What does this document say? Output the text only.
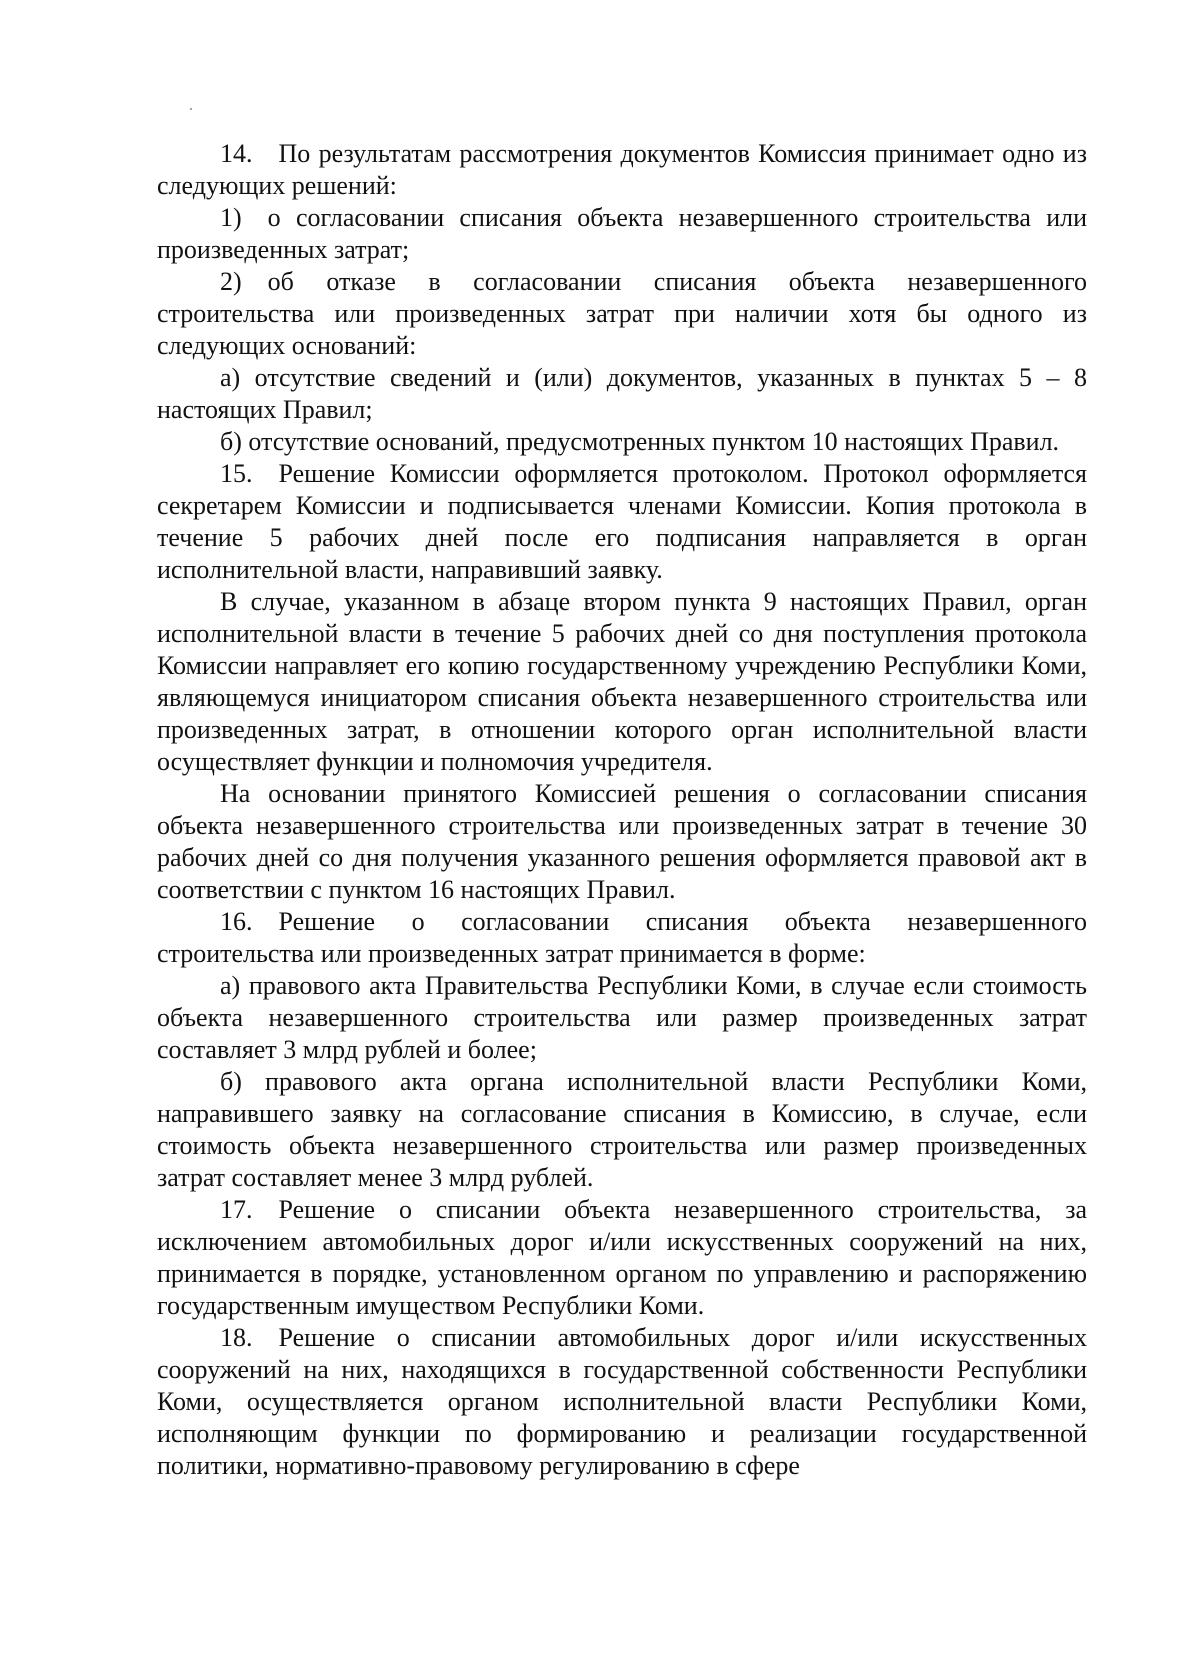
14. По результатам рассмотрения документов Комиссия принимает одно из следующих решений:

1) о согласовании списания объекта незавершенного строительства или произведенных затрат;

2) об отказе в согласовании списания объекта незавершенного строительства или произведенных затрат при наличии хотя бы одного из следующих оснований:

а) отсутствие сведений и (или) документов, указанных в пунктах 5 – 8 настоящих Правил;

б) отсутствие оснований, предусмотренных пунктом 10 настоящих Правил.

15. Решение Комиссии оформляется протоколом. Протокол оформляется секретарем Комиссии и подписывается членами Комиссии. Копия протокола в течение 5 рабочих дней после его подписания направляется в орган исполнительной власти, направивший заявку.

В случае, указанном в абзаце втором пункта 9 настоящих Правил, орган исполнительной власти в течение 5 рабочих дней со дня поступления протокола Комиссии направляет его копию государственному учреждению Республики Коми, являющемуся инициатором списания объекта незавершенного строительства или произведенных затрат, в отношении которого орган исполнительной власти осуществляет функции и полномочия учредителя.

На основании принятого Комиссией решения о согласовании списания объекта незавершенного строительства или произведенных затрат в течение 30 рабочих дней со дня получения указанного решения оформляется правовой акт в соответствии с пунктом 16 настоящих Правил.

16. Решение о согласовании списания объекта незавершенного строительства или произведенных затрат принимается в форме:

а) правового акта Правительства Республики Коми, в случае если стоимость объекта незавершенного строительства или размер произведенных затрат составляет 3 млрд рублей и более;

б) правового акта органа исполнительной власти Республики Коми, направившего заявку на согласование списания в Комиссию, в случае, если стоимость объекта незавершенного строительства или размер произведенных затрат составляет менее 3 млрд рублей.

17. Решение о списании объекта незавершенного строительства, за исключением автомобильных дорог и/или искусственных сооружений на них, принимается в порядке, установленном органом по управлению и распоряжению государственным имуществом Республики Коми.

18. Решение о списании автомобильных дорог и/или искусственных сооружений на них, находящихся в государственной собственности Республики Коми, осуществляется органом исполнительной власти Республики Коми, исполняющим функции по формированию и реализации государственной политики, нормативно-правовому регулированию в сфере
